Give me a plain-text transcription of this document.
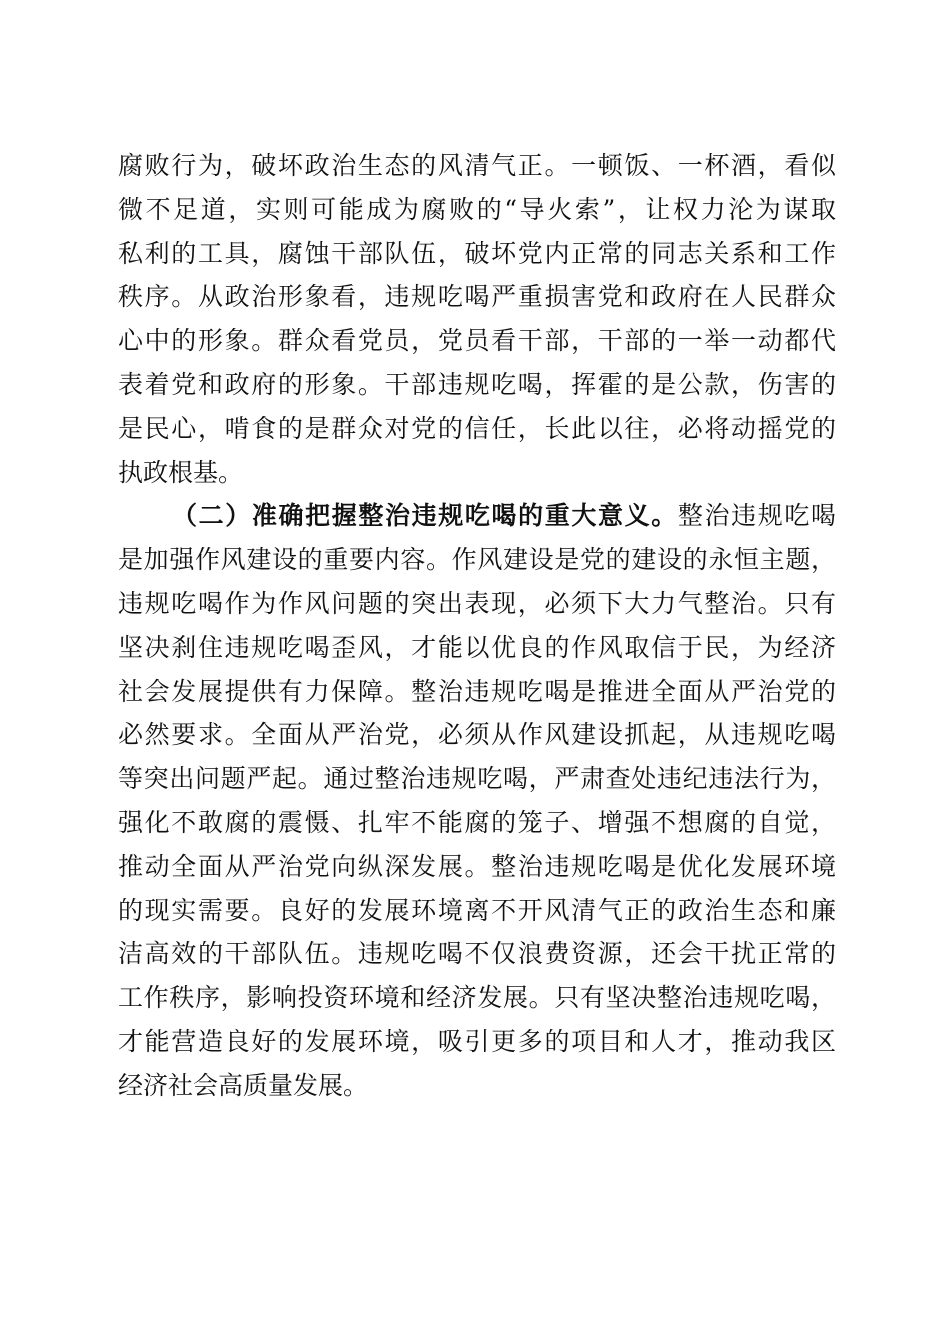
腐败行为，破坏政治生态的风清气正。一顿饭、一杯酒，看似
微不足道，实则可能成为腐败的“导火索”，让权力沦为谋取
私利的工具，腐蚀干部队伍，破坏党内正常的同志关系和工作
秩序。从政治形象看，违规吃喝严重损害党和政府在人民群众
心中的形象。群众看党员，党员看干部，干部的一举一动都代
表着党和政府的形象。干部违规吃喝，挥霍的是公款，伤害的
是民心，啃食的是群众对党的信任，长此以往，必将动摇党的
执政根基。
（二）准确把握整治违规吃喝的重大意义。整治违规吃喝
是加强作风建设的重要内容。作风建设是党的建设的永恒主题，
违规吃喝作为作风问题的突出表现，必须下大力气整治。只有
坚决刹住违规吃喝歪风，才能以优良的作风取信于民，为经济
社会发展提供有力保障。整治违规吃喝是推进全面从严治党的
必然要求。全面从严治党，必须从作风建设抓起，从违规吃喝
等突出问题严起。通过整治违规吃喝，严肃查处违纪违法行为，
强化不敢腐的震慑、扎牢不能腐的笼子、增强不想腐的自觉，
推动全面从严治党向纵深发展。整治违规吃喝是优化发展环境
的现实需要。良好的发展环境离不开风清气正的政治生态和廉
洁高效的干部队伍。违规吃喝不仅浪费资源，还会干扰正常的
工作秩序，影响投资环境和经济发展。只有坚决整治违规吃喝，
才能营造良好的发展环境，吸引更多的项目和人才，推动我区
经济社会高质量发展。
